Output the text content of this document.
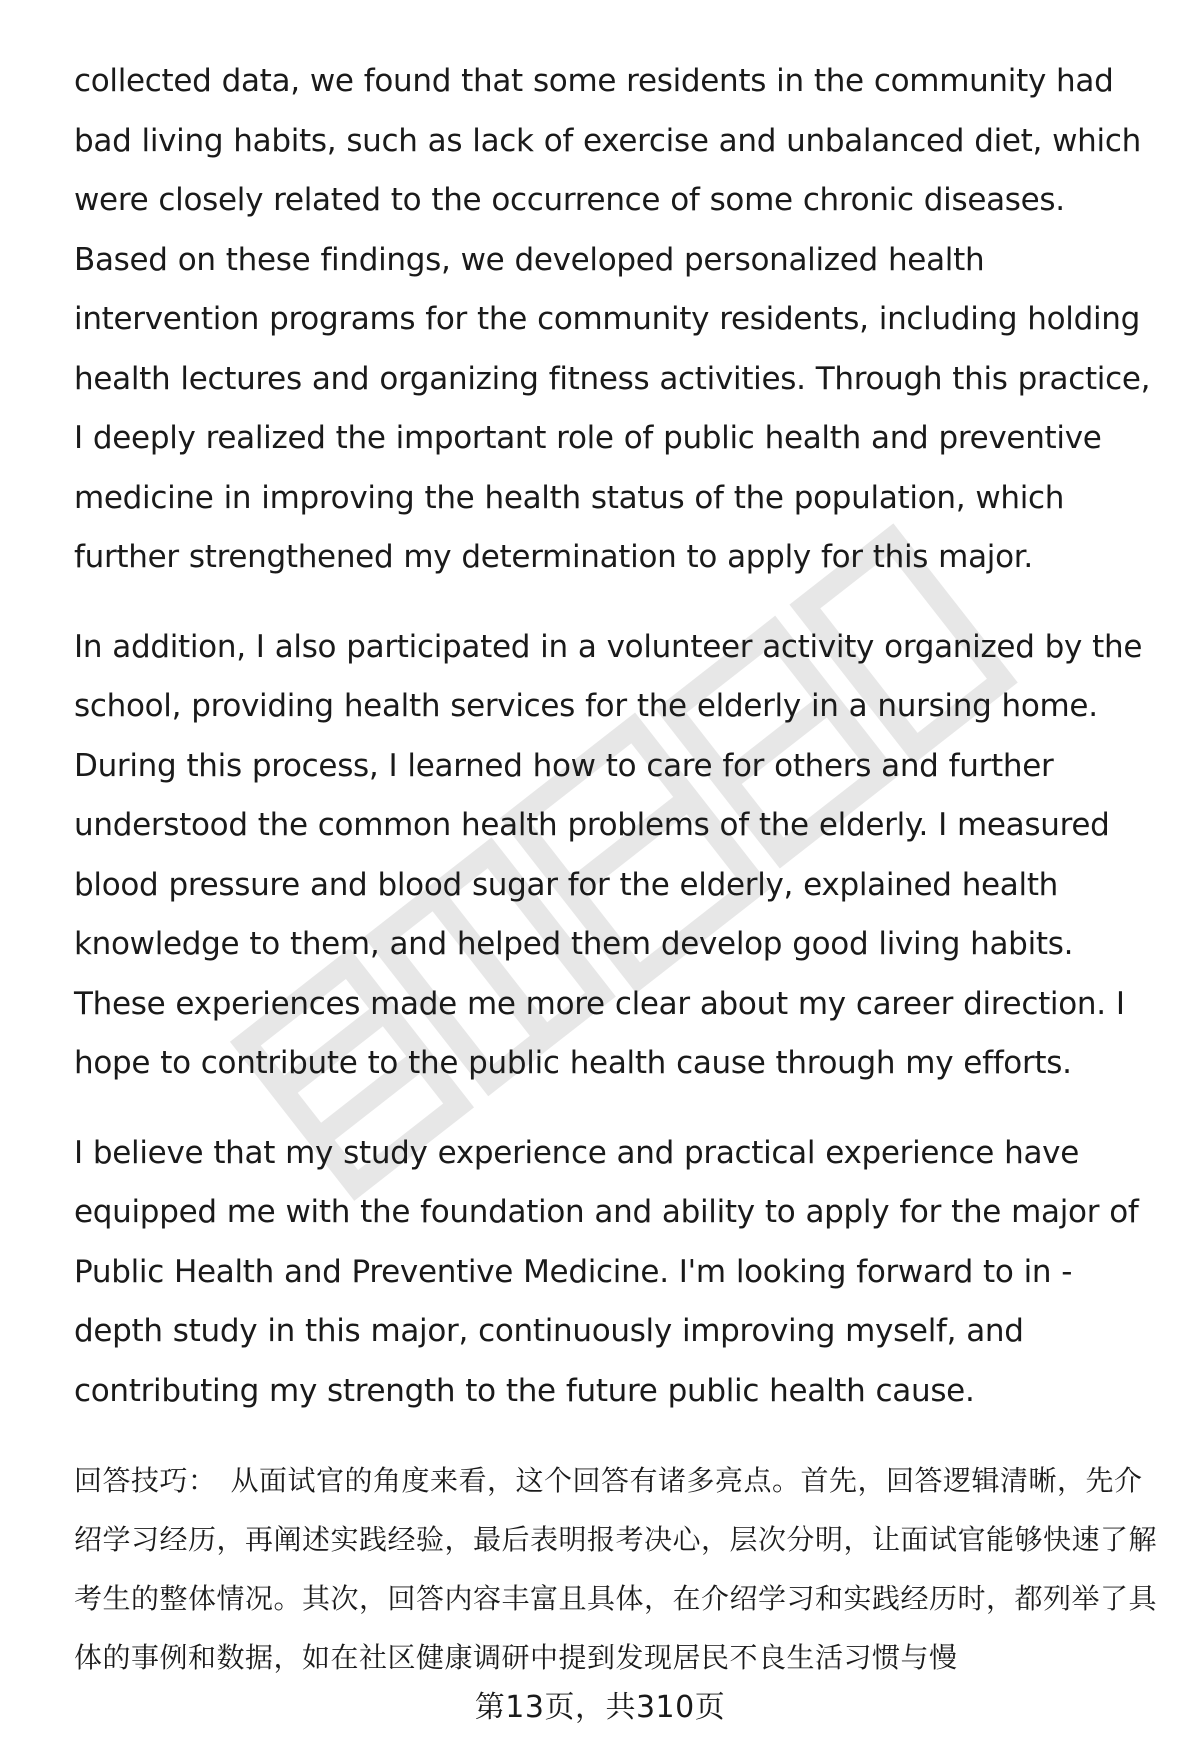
collected data, we found that some residents in the community had bad living habits, such as lack of exercise and unbalanced diet, which were closely related to the occurrence of some chronic diseases. Based on these findings, we developed personalized health intervention programs for the community residents, including holding health lectures and organizing fitness activities. Through this practice, I deeply realized the important role of public health and preventive medicine in improving the health status of the population, which further strengthened my determination to apply for this major.

In addition, I also participated in a volunteer activity organized by the school, providing health services for the elderly in a nursing home. During this process, I learned how to care for others and further understood the common health problems of the elderly. I measured blood pressure and blood sugar for the elderly, explained health knowledge to them, and helped them develop good living habits. These experiences made me more clear about my career direction. I hope to contribute to the public health cause through my efforts.

I believe that my study experience and practical experience have equipped me with the foundation and ability to apply for the major of Public Health and Preventive Medicine. I'm looking forward to in - depth study in this major, continuously improving myself, and contributing my strength to the future public health cause.

回答技巧： 从面试官的角度来看，这个回答有诸多亮点。首先，回答逻辑清晰，先介绍学习经历，再阐述实践经验，最后表明报考决心，层次分明，让面试官能够快速了解考生的整体情况。其次，回答内容丰富且具体，在介绍学习和实践经历时，都列举了具体的事例和数据，如在社区健康调研中提到发现居民不良生活习惯与慢

第13页，共310页
